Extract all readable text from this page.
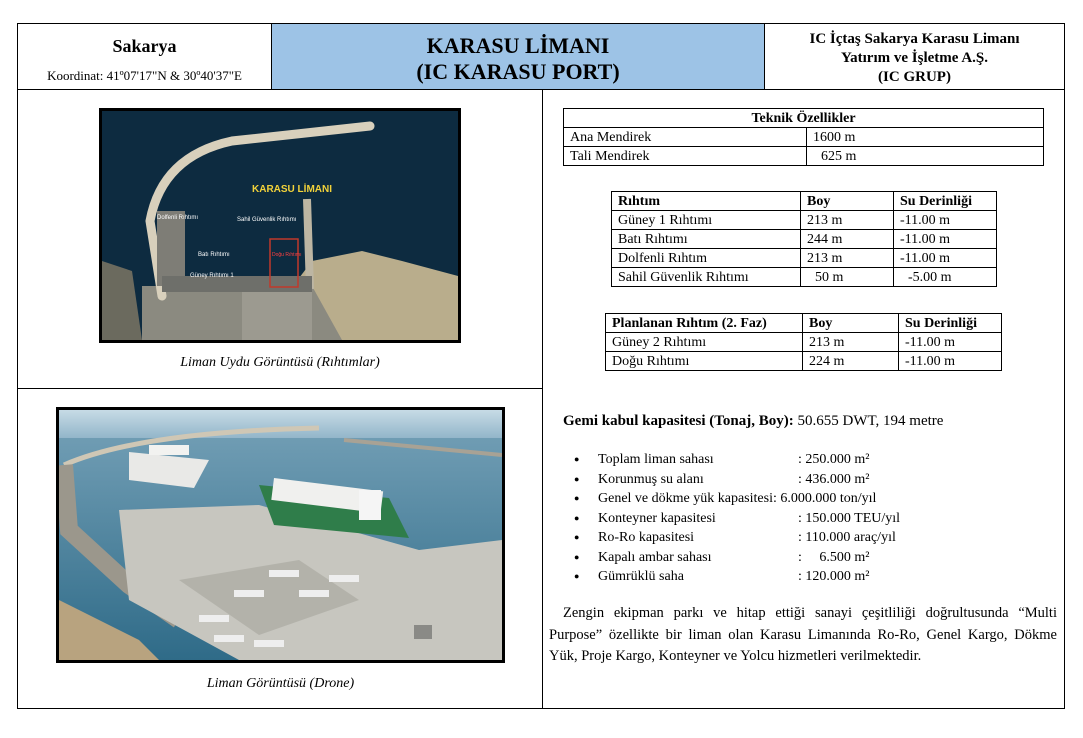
Sakarya
Koordinat: 41º07'17"N & 30º40'37"E
KARASU LİMANI
(IC KARASU PORT)
IC İçtaş Sakarya Karasu Limanı
Yatırım ve İşletme A.Ş.
(IC GRUP)
KARASU LİMANI
Dolfenli Rıhtımı	Sahil Güvenlik Rıhtımı
Batı Rıhtımı
Güney Rıhtımı 1
Doğu Rıhtımı
Liman Uydu Görüntüsü (Rıhtımlar)
Liman Görüntüsü (Drone)
Teknik Özellikler	
Ana Mendirek	1600 m
Tali Mendirek	625 m
Rıhtım	Boy	Su Derinliği
Güney 1 Rıhtımı	213 m	-11.00 m
Batı Rıhtımı	244 m	-11.00 m
Dolfenli Rıhtım	213 m	-11.00 m
Sahil Güvenlik Rıhtımı	50 m	-5.00 m
Planlanan Rıhtım (2. Faz)	Boy	Su Derinliği
Güney 2 Rıhtımı	213 m	-11.00 m
Doğu Rıhtımı	224 m	-11.00 m
Gemi kabul kapasitesi (Tonaj, Boy): 50.655 DWT, 194 metre
● Toplam liman sahası	: 250.000 m²
● Korunmuş su alanı	: 436.000 m²
● Genel ve dökme yük kapasitesi: 6.000.000 ton/yıl
● Konteyner kapasitesi	: 150.000 TEU/yıl
● Ro-Ro kapasitesi	: 110.000 araç/yıl
● Kapalı ambar sahası	:     6.500 m²
● Gümrüklü saha	: 120.000 m²
Zengin ekipman parkı ve hitap ettiği sanayi çeşitliliği doğrultusunda “Multi Purpose” özellikte bir liman olan Karasu Limanında Ro-Ro, Genel Kargo, Dökme Yük, Proje Kargo, Konteyner ve Yolcu hizmetleri verilmektedir.
